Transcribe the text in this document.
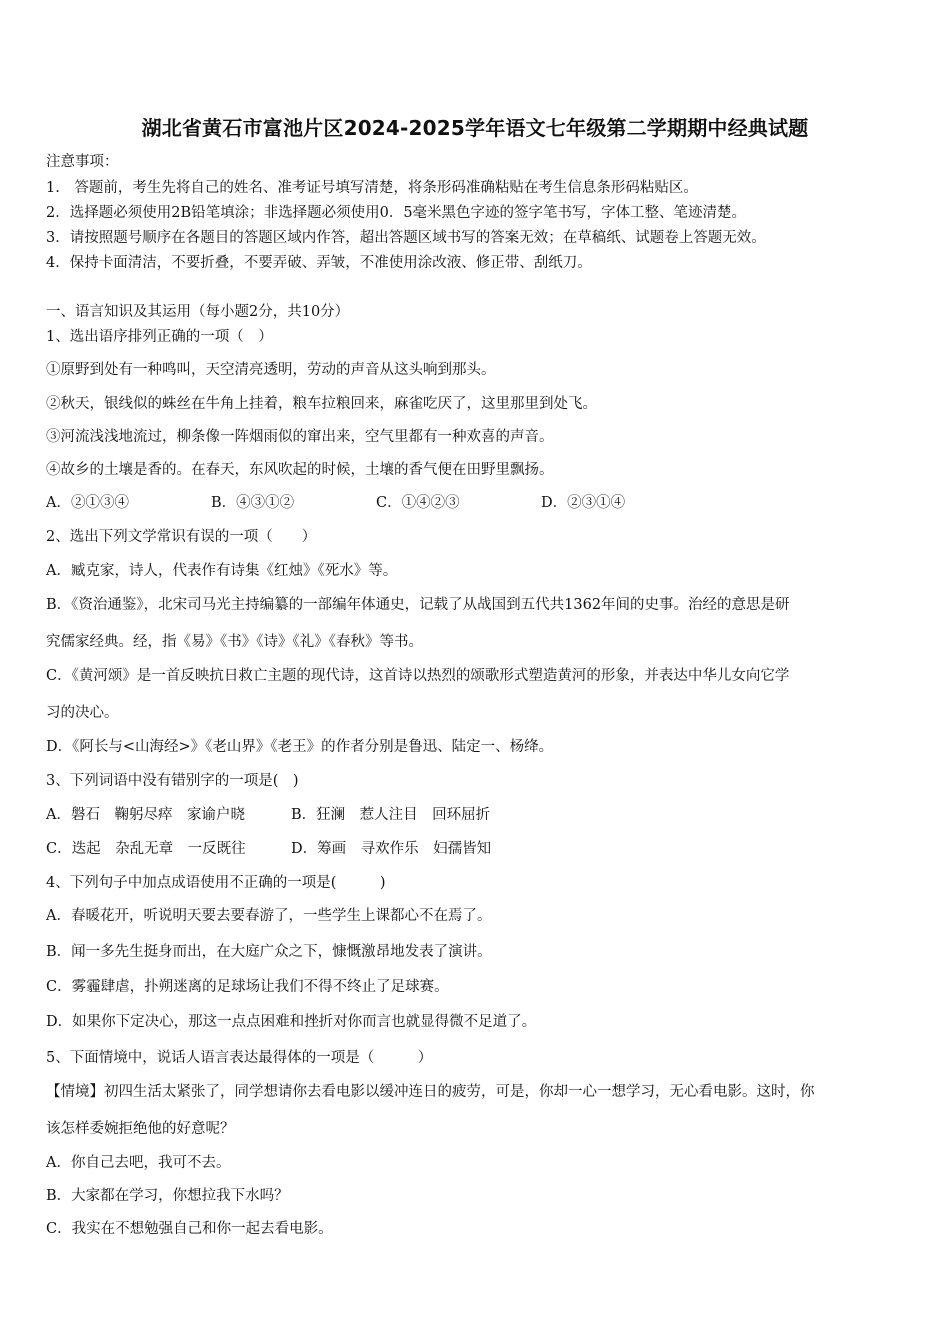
湖北省黄石市富池片区2024-2025学年语文七年级第二学期期中经典试题
注意事项：
1.　答题前，考生先将自己的姓名、准考证号填写清楚，将条形码准确粘贴在考生信息条形码粘贴区。
2．选择题必须使用2B铅笔填涂；非选择题必须使用0．5毫米黑色字迹的签字笔书写，字体工整、笔迹清楚。
3．请按照题号顺序在各题目的答题区域内作答，超出答题区域书写的答案无效；在草稿纸、试题卷上答题无效。
4．保持卡面清洁，不要折叠，不要弄破、弄皱，不准使用涂改液、修正带、刮纸刀。
一、语言知识及其运用（每小题2分，共10分）
1、选出语序排列正确的一项（　）
①原野到处有一种鸣叫，天空清亮透明，劳动的声音从这头响到那头。
②秋天，银线似的蛛丝在牛角上挂着，粮车拉粮回来，麻雀吃厌了，这里那里到处飞。
③河流浅浅地流过，柳条像一阵烟雨似的窜出来，空气里都有一种欢喜的声音。
④故乡的土壤是香的。在春天，东风吹起的时候，土壤的香气便在田野里飘扬。
A．②①③④	B．④③①②	C．①④②③	D．②③①④
2、选出下列文学常识有误的一项（　　）
A．臧克家，诗人，代表作有诗集《红烛》《死水》等。
B．《资治通鉴》，北宋司马光主持编纂的一部编年体通史，记载了从战国到五代共1362年间的史事。治经的意思是研
究儒家经典。经，指《易》《书》《诗》《礼》《春秋》等书。
C．《黄河颂》是一首反映抗日救亡主题的现代诗，这首诗以热烈的颂歌形式塑造黄河的形象，并表达中华儿女向它学
习的决心。
D．《阿长与<山海经>》《老山界》《老王》的作者分别是鲁迅、陆定一、杨绛。
3、下列词语中没有错别字的一项是(　)
A．磐石　鞠躬尽瘁　家谕户晓	B．狂澜　惹人注目　回环屈折
C．迭起　杂乱无章　一反既往	D．筹画　寻欢作乐　妇孺皆知
4、下列句子中加点成语使用不正确的一项是(　　　)
A．春暖花开，听说明天要去要春游了，一些学生上课都心不在焉了。
B．闻一多先生挺身而出，在大庭广众之下，慷慨激昂地发表了演讲。
C．雾霾肆虐，扑朔迷离的足球场让我们不得不终止了足球赛。
D．如果你下定决心，那这一点点困难和挫折对你而言也就显得微不足道了。
5、下面情境中，说话人语言表达最得体的一项是（　　　）
【情境】初四生活太紧张了，同学想请你去看电影以缓冲连日的疲劳，可是，你却一心一想学习，无心看电影。这时，你
该怎样委婉拒绝他的好意呢？
A．你自己去吧，我可不去。
B．大家都在学习，你想拉我下水吗？
C．我实在不想勉强自己和你一起去看电影。
